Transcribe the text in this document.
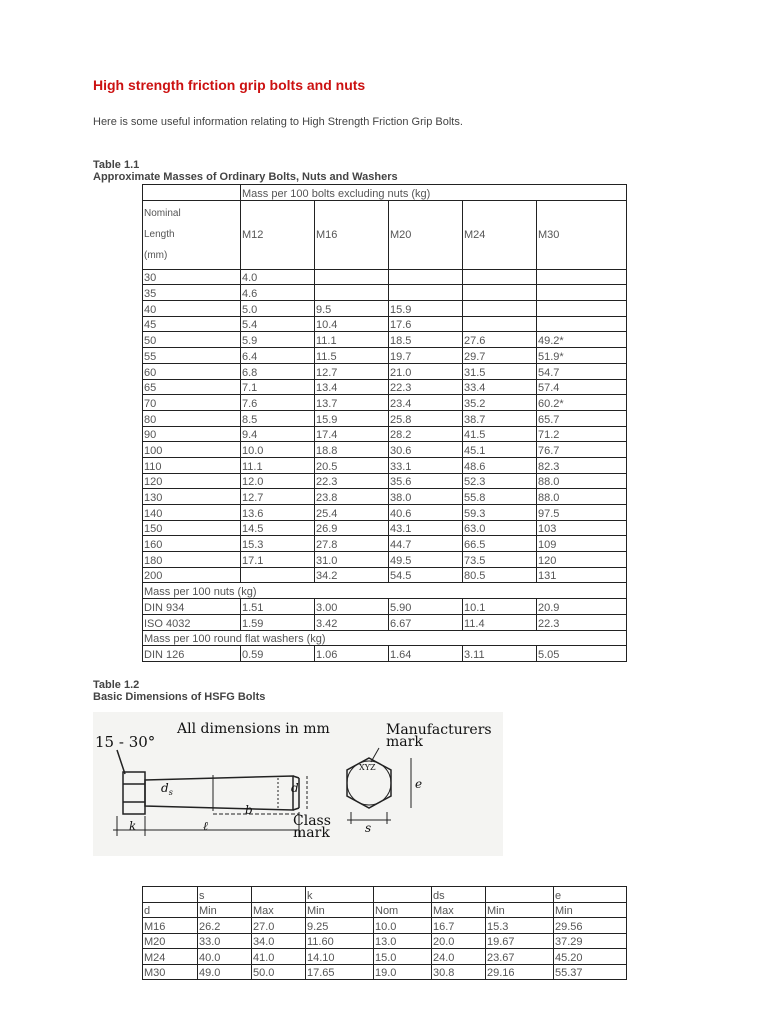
High strength friction grip bolts and nuts
Here is some useful information relating to High Strength Friction Grip Bolts.
Table 1.1
Approximate Masses of Ordinary Bolts, Nuts and Washers
	Mass per 100 bolts excluding nuts (kg)				

Nominal
Length
(mm)	M12	M16	M20	M24	M30
30	4.0				
35	4.6				
40	5.0	9.5	15.9		
45	5.4	10.4	17.6		
50	5.9	11.1	18.5	27.6	49.2*
55	6.4	11.5	19.7	29.7	51.9*
60	6.8	12.7	21.0	31.5	54.7
65	7.1	13.4	22.3	33.4	57.4
70	7.6	13.7	23.4	35.2	60.2*
80	8.5	15.9	25.8	38.7	65.7
90	9.4	17.4	28.2	41.5	71.2
100	10.0	18.8	30.6	45.1	76.7
110	11.1	20.5	33.1	48.6	82.3
120	12.0	22.3	35.6	52.3	88.0
130	12.7	23.8	38.0	55.8	88.0
140	13.6	25.4	40.6	59.3	97.5
150	14.5	26.9	43.1	63.0	103
160	15.3	27.8	44.7	66.5	109
180	17.1	31.0	49.5	73.5	120
200		34.2	54.5	80.5	131
Mass per 100 nuts (kg)					
DIN 934	1.51	3.00	5.90	10.1	20.9
ISO 4032	1.59	3.42	6.67	11.4	22.3
Mass per 100 round flat washers (kg)					
DIN 126	0.59	1.06	1.64	3.11	5.05
Table 1.2
Basic Dimensions of HSFG Bolts
15 - 30°
All dimensions in mm	Manufacturers
mark
$d_s$	d
b
ℓ
k	Class
mark
XYZ
e
s
	s		k		ds		e
d	Min	Max	Min	Nom	Max	Min	Min
M16	26.2	27.0	9.25	10.0	16.7	15.3	29.56
M20	33.0	34.0	11.60	13.0	20.0	19.67	37.29
M24	40.0	41.0	14.10	15.0	24.0	23.67	45.20
M30	49.0	50.0	17.65	19.0	30.8	29.16	55.37
